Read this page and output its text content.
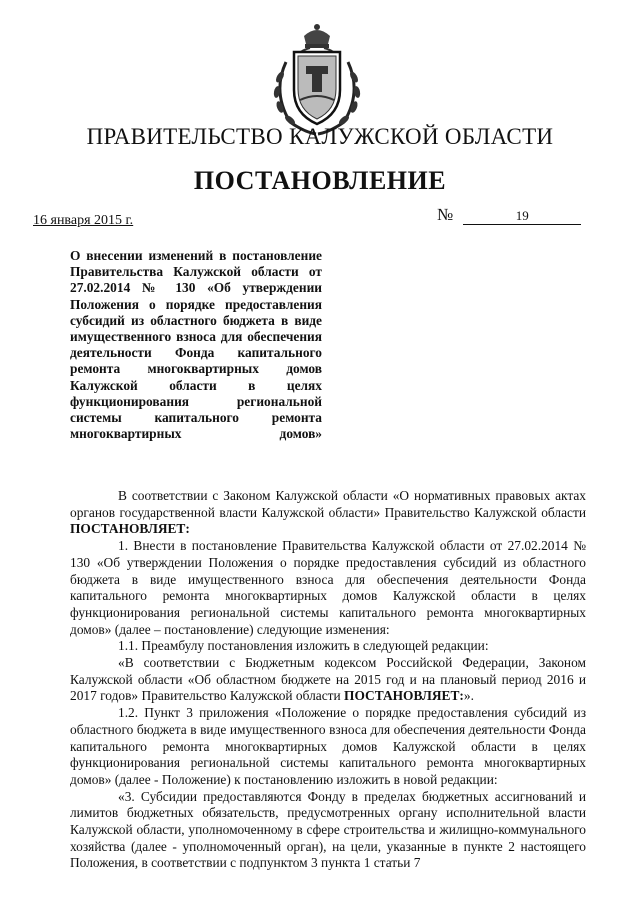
ПРАВИТЕЛЬСТВО КАЛУЖСКОЙ ОБЛАСТИ
ПОСТАНОВЛЕНИЕ
16 января 2015 г.	№	19
О внесении изменений в постановление Правительства Калужской области от 27.02.2014 № 130 «Об утверждении Положения о порядке предоставления субсидий из областного бюджета в виде имущественного взноса для обеспечения деятельности Фонда капитального ремонта многоквартирных домов Калужской области в целях функционирования региональной системы капитального ремонта многоквартирных домов»

В соответствии с Законом Калужской области «О нормативных правовых актах органов государственной власти Калужской области» Правительство Калужской области ПОСТАНОВЛЯЕТ:

1. Внести в постановление Правительства Калужской области от 27.02.2014 № 130 «Об утверждении Положения о порядке предоставления субсидий из областного бюджета в виде имущественного взноса для обеспечения деятельности Фонда капитального ремонта многоквартирных домов Калужской области в целях функционирования региональной системы капитального ремонта многоквартирных домов» (далее – постановление) следующие изменения:

1.1. Преамбулу постановления изложить в следующей редакции:

«В соответствии с Бюджетным кодексом Российской Федерации, Законом Калужской области «Об областном бюджете на 2015 год и на плановый период 2016 и 2017 годов» Правительство Калужской области ПОСТАНОВЛЯЕТ:».

1.2. Пункт 3 приложения «Положение о порядке предоставления субсидий из областного бюджета в виде имущественного взноса для обеспечения деятельности Фонда капитального ремонта многоквартирных домов Калужской области в целях функционирования региональной системы капитального ремонта многоквартирных домов» (далее - Положение) к постановлению изложить в новой редакции:

«3. Субсидии предоставляются Фонду в пределах бюджетных ассигнований и лимитов бюджетных обязательств, предусмотренных органу исполнительной власти Калужской области, уполномоченному в сфере строительства и жилищно-коммунального хозяйства (далее - уполномоченный орган), на цели, указанные в пункте 2 настоящего Положения, в соответствии с подпунктом 3 пункта 1 статьи 7
